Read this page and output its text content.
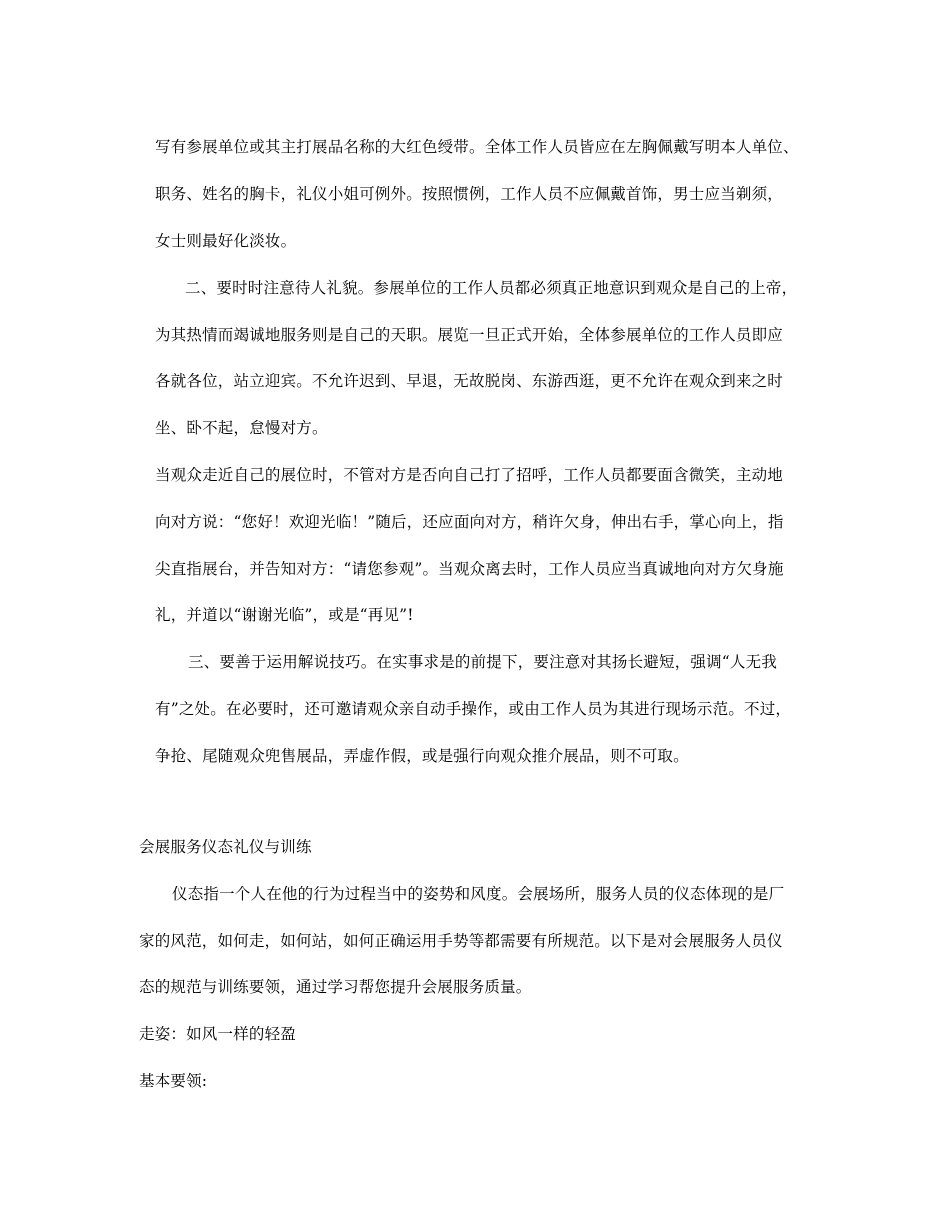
写有参展单位或其主打展品名称的大红色绶带。全体工作人员皆应在左胸佩戴写明本人单位、
职务、姓名的胸卡，礼仪小姐可例外。按照惯例，工作人员不应佩戴首饰，男士应当剃须，
女士则最好化淡妆。
二、要时时注意待人礼貌。参展单位的工作人员都必须真正地意识到观众是自己的上帝，
为其热情而竭诚地服务则是自己的天职。展览一旦正式开始，全体参展单位的工作人员即应
各就各位，站立迎宾。不允许迟到、早退，无故脱岗、东游西逛，更不允许在观众到来之时
坐、卧不起，怠慢对方。
当观众走近自己的展位时，不管对方是否向自己打了招呼，工作人员都要面含微笑，主动地
向对方说：“您好！欢迎光临！”随后，还应面向对方，稍许欠身，伸出右手，掌心向上，指
尖直指展台，并告知对方：“请您参观”。当观众离去时，工作人员应当真诚地向对方欠身施
礼，并道以“谢谢光临”，或是“再见”!
三、要善于运用解说技巧。在实事求是的前提下，要注意对其扬长避短，强调“人无我
有”之处。在必要时，还可邀请观众亲自动手操作，或由工作人员为其进行现场示范。不过，
争抢、尾随观众兜售展品，弄虚作假，或是强行向观众推介展品，则不可取。
会展服务仪态礼仪与训练
仪态指一个人在他的行为过程当中的姿势和风度。会展场所，服务人员的仪态体现的是厂
家的风范，如何走，如何站，如何正确运用手势等都需要有所规范。以下是对会展服务人员仪
态的规范与训练要领，通过学习帮您提升会展服务质量。
走姿：如风一样的轻盈
基本要领:
